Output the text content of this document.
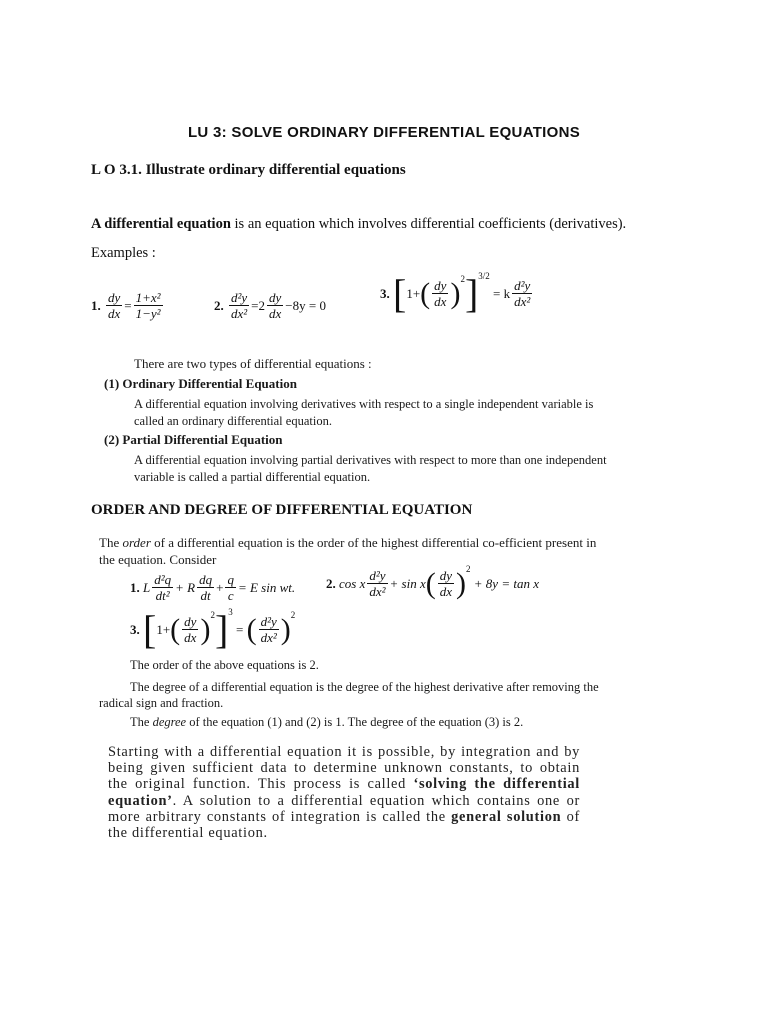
LU 3: SOLVE ORDINARY DIFFERENTIAL EQUATIONS
L O 3.1. Illustrate ordinary differential equations
A differential equation is an equation which involves differential coefficients (derivatives).
Examples :
1.
$\frac{dy}{dx} = \frac{\text{1+x²}}{\text{1−y²}}$	2.
$\frac{\text{d²y}}{\text{dx²}} =2 \frac{dy}{dx} -8y = 0$
3.
[ 1+ ( $\frac{dy}{dx}$ ) 2 ] 3/2

= k $\frac{\text{d²y}}{\text{dx²}}$
There are two types of differential equations :
(1) Ordinary Differential Equation
A differential equation involving derivatives with respect to a single independent variable is called an ordinary differential equation.
(2) Partial Differential Equation
A differential equation involving partial derivatives with respect to more than one independent variable is called a partial differential equation.
ORDER AND DEGREE OF DIFFERENTIAL EQUATION
The order of a differential equation is the order of the highest differential co-efficient present in the equation. Consider
1.
L $\frac{\text{d²q}}{\text{dt²}} + R \frac{dq}{dt} + \frac{q}{c} = E$ sin wt. 2.
cos x $\frac{\text{d²y}}{\text{dx²}} + \sin x$ ( $\frac{dy}{dx}$ ) 2

+ 8y = tan x
3.
[ 1+ ( $\frac{dy}{dx}$ ) 2 ] 3

=
( $\frac{\text{d²y}}{\text{dx²}}$ ) 2
The order of the above equations is 2.
The degree of a differential equation is the degree of the highest derivative after removing the radical sign and fraction.
The degree of the equation (1) and (2) is 1. The degree of the equation (3) is 2.
Starting with a differential equation it is possible, by integration and by being given sufficient data to determine unknown constants, to obtain the original function. This process is called ‘solving the differential equation’. A solution to a differential equation which contains one or more arbitrary constants of integration is called the general solution of the differential equation.
